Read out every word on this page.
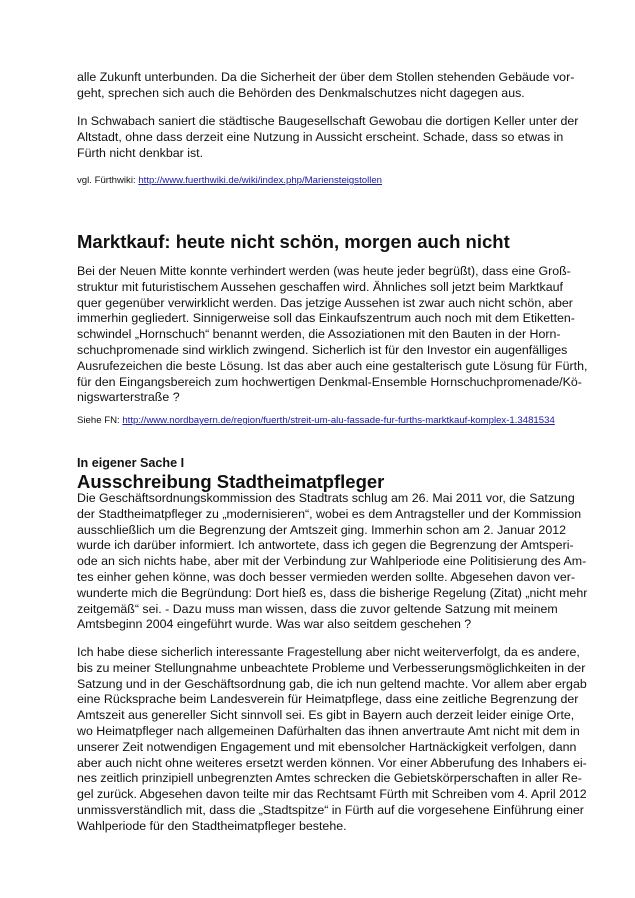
alle Zukunft unterbunden. Da die Sicherheit der über dem Stollen stehenden Gebäude vor-
geht, sprechen sich auch die Behörden des Denkmalschutzes nicht dagegen aus.
In Schwabach saniert die städtische Baugesellschaft Gewobau die dortigen Keller unter der
Altstadt, ohne dass derzeit eine Nutzung in Aussicht erscheint. Schade, dass so etwas in
Fürth nicht denkbar ist.
vgl. Fürthwiki: http://www.fuerthwiki.de/wiki/index.php/Mariensteigstollen
Marktkauf: heute nicht schön, morgen auch nicht
Bei der Neuen Mitte konnte verhindert werden (was heute jeder begrüßt), dass eine Groß-
struktur mit futuristischem Aussehen geschaffen wird. Ähnliches soll jetzt beim Marktkauf
quer gegenüber verwirklicht werden. Das jetzige Aussehen ist zwar auch nicht schön, aber
immerhin gegliedert. Sinnigerweise soll das Einkaufszentrum auch noch mit dem Etiketten-
schwindel „Hornschuch“ benannt werden, die Assoziationen mit den Bauten in der Horn-
schuchpromenade sind wirklich zwingend. Sicherlich ist für den Investor ein augenfälliges
Ausrufezeichen die beste Lösung. Ist das aber auch eine gestalterisch gute Lösung für Fürth,
für den Eingangsbereich zum hochwertigen Denkmal-Ensemble Hornschuchpromenade/Kö-
nigswarterstraße ?
Siehe FN: http://www.nordbayern.de/region/fuerth/streit-um-alu-fassade-fur-furths-marktkauf-komplex-1.3481534
In eigener Sache I
Ausschreibung Stadtheimatpfleger
Die Geschäftsordnungskommission des Stadtrats schlug am 26. Mai 2011 vor, die Satzung
der Stadtheimatpfleger zu „modernisieren“, wobei es dem Antragsteller und der Kommission
ausschließlich um die Begrenzung der Amtszeit ging. Immerhin schon am 2. Januar 2012
wurde ich darüber informiert. Ich antwortete, dass ich gegen die Begrenzung der Amtsperi-
ode an sich nichts habe, aber mit der Verbindung zur Wahlperiode eine Politisierung des Am-
tes einher gehen könne, was doch besser vermieden werden sollte. Abgesehen davon ver-
wunderte mich die Begründung: Dort hieß es, dass die bisherige Regelung (Zitat) „nicht mehr
zeitgemäß“ sei. - Dazu muss man wissen, dass die zuvor geltende Satzung mit meinem
Amtsbeginn 2004 eingeführt wurde. Was war also seitdem geschehen ?
Ich habe diese sicherlich interessante Fragestellung aber nicht weiterverfolgt, da es andere,
bis zu meiner Stellungnahme unbeachtete Probleme und Verbesserungsmöglichkeiten in der
Satzung und in der Geschäftsordnung gab, die ich nun geltend machte. Vor allem aber ergab
eine Rücksprache beim Landesverein für Heimatpflege, dass eine zeitliche Begrenzung der
Amtszeit aus genereller Sicht sinnvoll sei. Es gibt in Bayern auch derzeit leider einige Orte,
wo Heimatpfleger nach allgemeinen Dafürhalten das ihnen anvertraute Amt nicht mit dem in
unserer Zeit notwendigen Engagement und mit ebensolcher Hartnäckigkeit verfolgen, dann
aber auch nicht ohne weiteres ersetzt werden können. Vor einer Abberufung des Inhabers ei-
nes zeitlich prinzipiell unbegrenzten Amtes schrecken die Gebietskörperschaften in aller Re-
gel zurück. Abgesehen davon teilte mir das Rechtsamt Fürth mit Schreiben vom 4. April 2012
unmissverständlich mit, dass die „Stadtspitze“ in Fürth auf die vorgesehene Einführung einer
Wahlperiode für den Stadtheimatpfleger bestehe.
